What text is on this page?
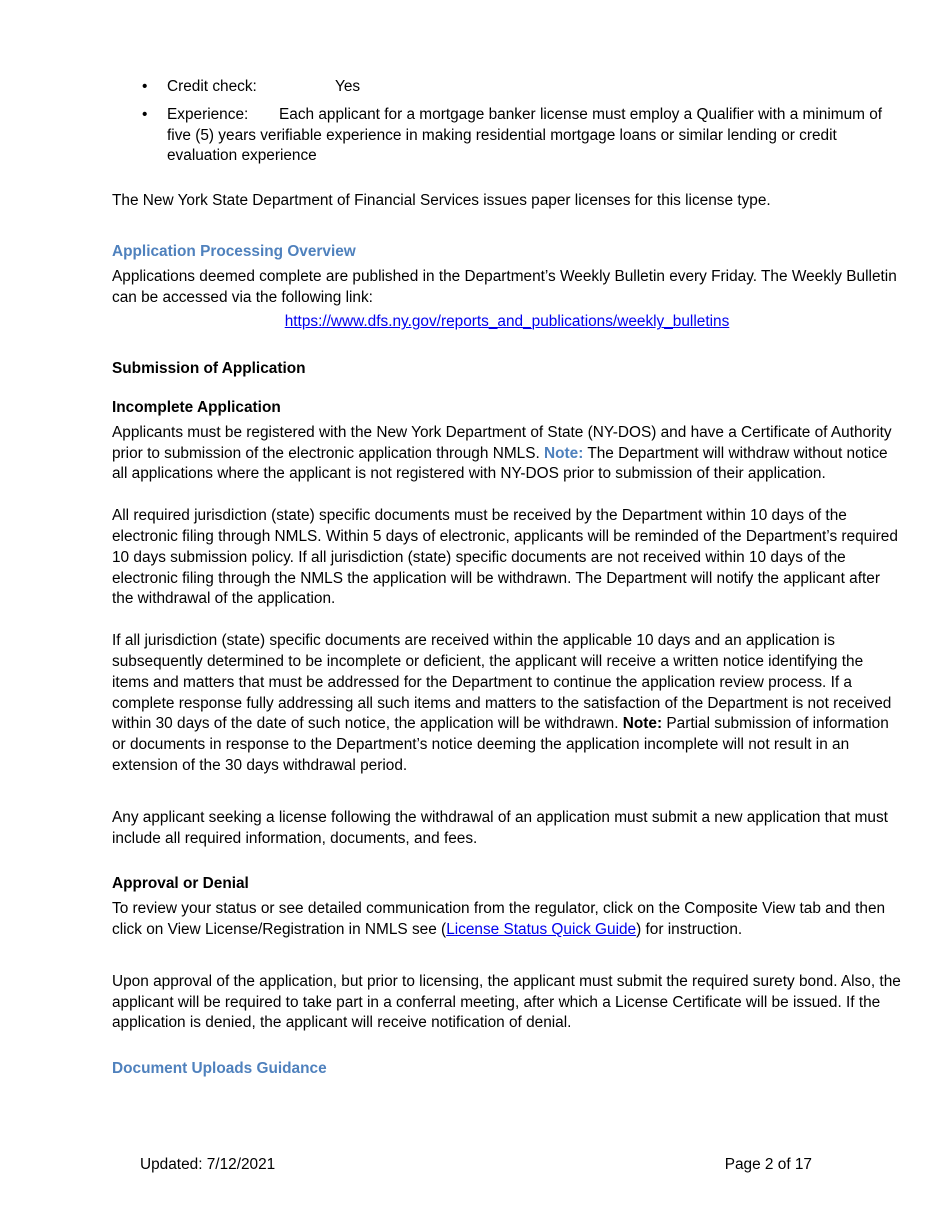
• Credit check:	Yes
• Experience: Each applicant for a mortgage banker license must employ a Qualifier with a minimum of five (5) years verifiable experience in making residential mortgage loans or similar lending or credit evaluation experience

The New York State Department of Financial Services issues paper licenses for this license type.

Application Processing Overview

Applications deemed complete are published in the Department’s Weekly Bulletin every Friday. The Weekly Bulletin can be accessed via the following link:

https://www.dfs.ny.gov/reports_and_publications/weekly_bulletins

Submission of Application

Incomplete Application

Applicants must be registered with the New York Department of State (NY-DOS) and have a Certificate of Authority prior to submission of the electronic application through NMLS. Note: The Department will withdraw without notice all applications where the applicant is not registered with NY-DOS prior to submission of their application.

All required jurisdiction (state) specific documents must be received by the Department within 10 days of the electronic filing through NMLS. Within 5 days of electronic, applicants will be reminded of the Department’s required 10 days submission policy. If all jurisdiction (state) specific documents are not received within 10 days of the electronic filing through the NMLS the application will be withdrawn. The Department will notify the applicant after the withdrawal of the application.

If all jurisdiction (state) specific documents are received within the applicable 10 days and an application is subsequently determined to be incomplete or deficient, the applicant will receive a written notice identifying the items and matters that must be addressed for the Department to continue the application review process. If a complete response fully addressing all such items and matters to the satisfaction of the Department is not received within 30 days of the date of such notice, the application will be withdrawn. Note: Partial submission of information or documents in response to the Department’s notice deeming the application incomplete will not result in an extension of the 30 days withdrawal period.

Any applicant seeking a license following the withdrawal of an application must submit a new application that must include all required information, documents, and fees.

Approval or Denial

To review your status or see detailed communication from the regulator, click on the Composite View tab and then click on View License/Registration in NMLS see (License Status Quick Guide) for instruction.

Upon approval of the application, but prior to licensing, the applicant must submit the required surety bond. Also, the applicant will be required to take part in a conferral meeting, after which a License Certificate will be issued. If the application is denied, the applicant will receive notification of denial.

Document Uploads Guidance

Updated: 7/12/2021	Page 2 of 17
